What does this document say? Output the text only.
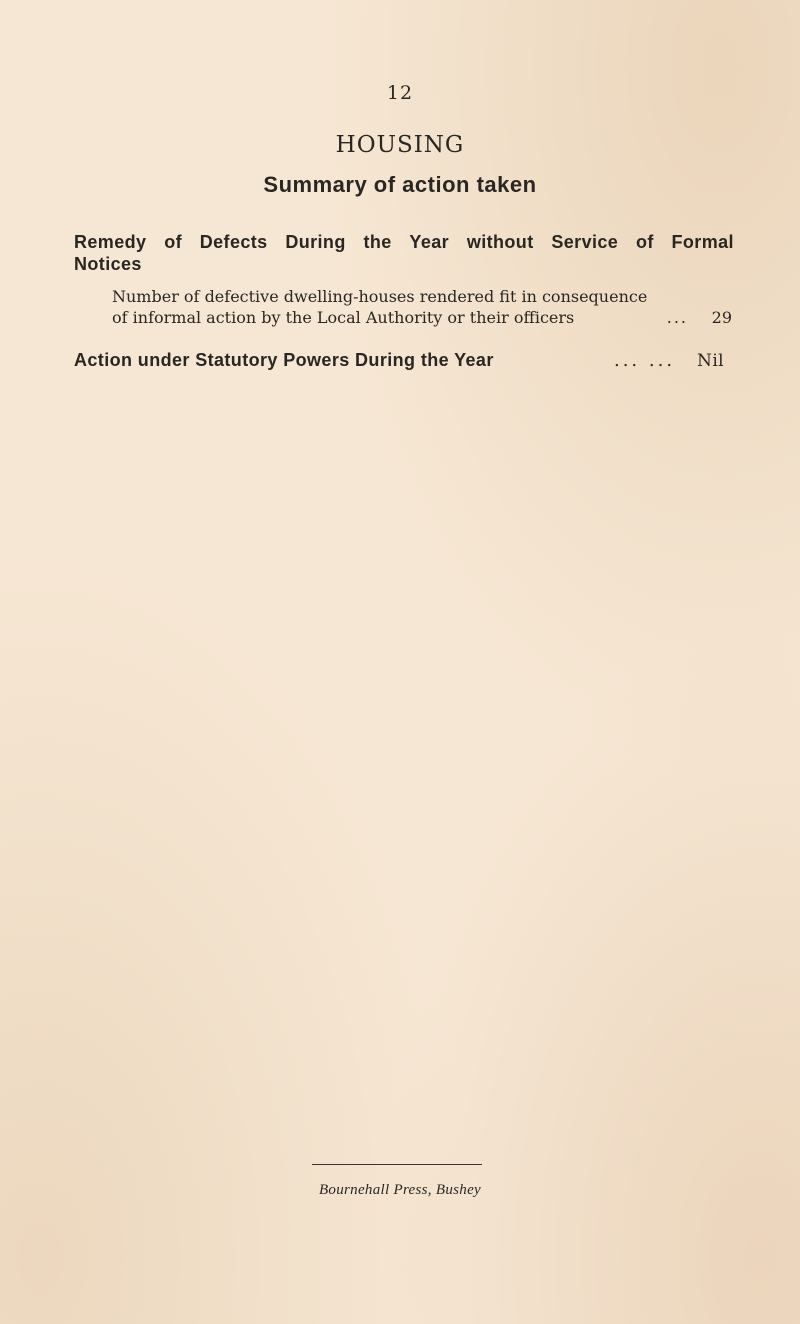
12
HOUSING
Summary of action taken
Remedy of Defects During the Year without Service of Formal
Notices
Number of defective dwelling-houses rendered fit in consequence
of informal action by the Local Authority or their officers	... 29
Action under Statutory Powers During the Year	... ...	Nil
Bournehall Press, Bushey
